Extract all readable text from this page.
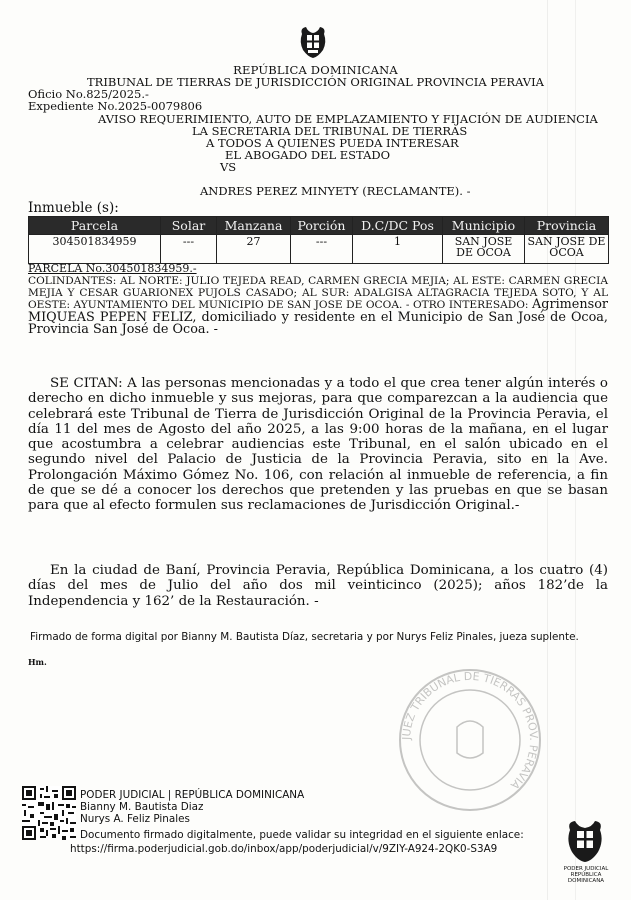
REPÚBLICA DOMINICANA
TRIBUNAL DE TIERRAS DE JURISDICCIÓN ORIGINAL PROVINCIA PERAVIA
Oficio No.825/2025.-
Expediente No.2025-0079806
AVISO REQUERIMIENTO, AUTO DE EMPLAZAMIENTO Y FIJACIÓN DE AUDIENCIA
LA SECRETARIA DEL TRIBUNAL DE TIERRAS
A TODOS A QUIENES PUEDA INTERESAR
EL ABOGADO DEL ESTADO
VS
ANDRES PEREZ MINYETY (RECLAMANTE). -
Inmueble (s):
Parcela	Solar	Manzana	Porción	D.C/DC Pos	Municipio	Provincia
304501834959	---	27	---	1	SAN JOSE DE OCOA	SAN JOSE DE OCOA
PARCELA No.304501834959.-
COLINDANTES: AL NORTE: JULIO TEJEDA READ, CARMEN GRECIA MEJIA; AL ESTE: CARMEN GRECIA MEJIA Y CESAR GUARIONEX PUJOLS CASADO; AL SUR: ADALGISA ALTAGRACIA TEJEDA SOTO, Y AL OESTE: AYUNTAMIENTO DEL MUNICIPIO DE SAN JOSE DE OCOA. - OTRO INTERESADO: Agrimensor MIQUEAS PEPEN FELIZ, domiciliado y residente en el Municipio de San José de Ocoa, Provincia San José de Ocoa. -
SE CITAN: A las personas mencionadas y a todo el que crea tener algún interés o derecho en dicho inmueble y sus mejoras, para que comparezcan a la audiencia que celebrará este Tribunal de Tierra de Jurisdicción Original de la Provincia Peravia, el día 11 del mes de Agosto del año 2025, a las 9:00 horas de la mañana, en el lugar que acostumbra a celebrar audiencias este Tribunal, en el salón ubicado en el segundo nivel del Palacio de Justicia de la Provincia Peravia, sito en la Ave. Prolongación Máximo Gómez No. 106, con relación al inmueble de referencia, a fin de que se dé a conocer los derechos que pretenden y las pruebas en que se basan para que al efecto formulen sus reclamaciones de Jurisdicción Original.-
En la ciudad de Baní, Provincia Peravia, República Dominicana, a los cuatro (4) días del mes de Julio del año dos mil veinticinco (2025); años 182’de la Independencia y 162’ de la Restauración. -
Firmado de forma digital por Bianny M. Bautista Díaz, secretaria y por Nurys Feliz Pinales, jueza suplente.
Hm.
JUEZ TRIBUNAL DE TIERRAS PROV. PERAVIA
PODER JUDICIAL | REPÚBLICA DOMINICANA
Bianny M. Bautista Diaz
Nurys A. Feliz Pinales
Documento firmado digitalmente, puede validar su integridad en el siguiente enlace:
https://firma.poderjudicial.gob.do/inbox/app/poderjudicial/v/9ZIY-A924-2QK0-S3A9
PODER JUDICIAL REPÚBLICA DOMINICANA
